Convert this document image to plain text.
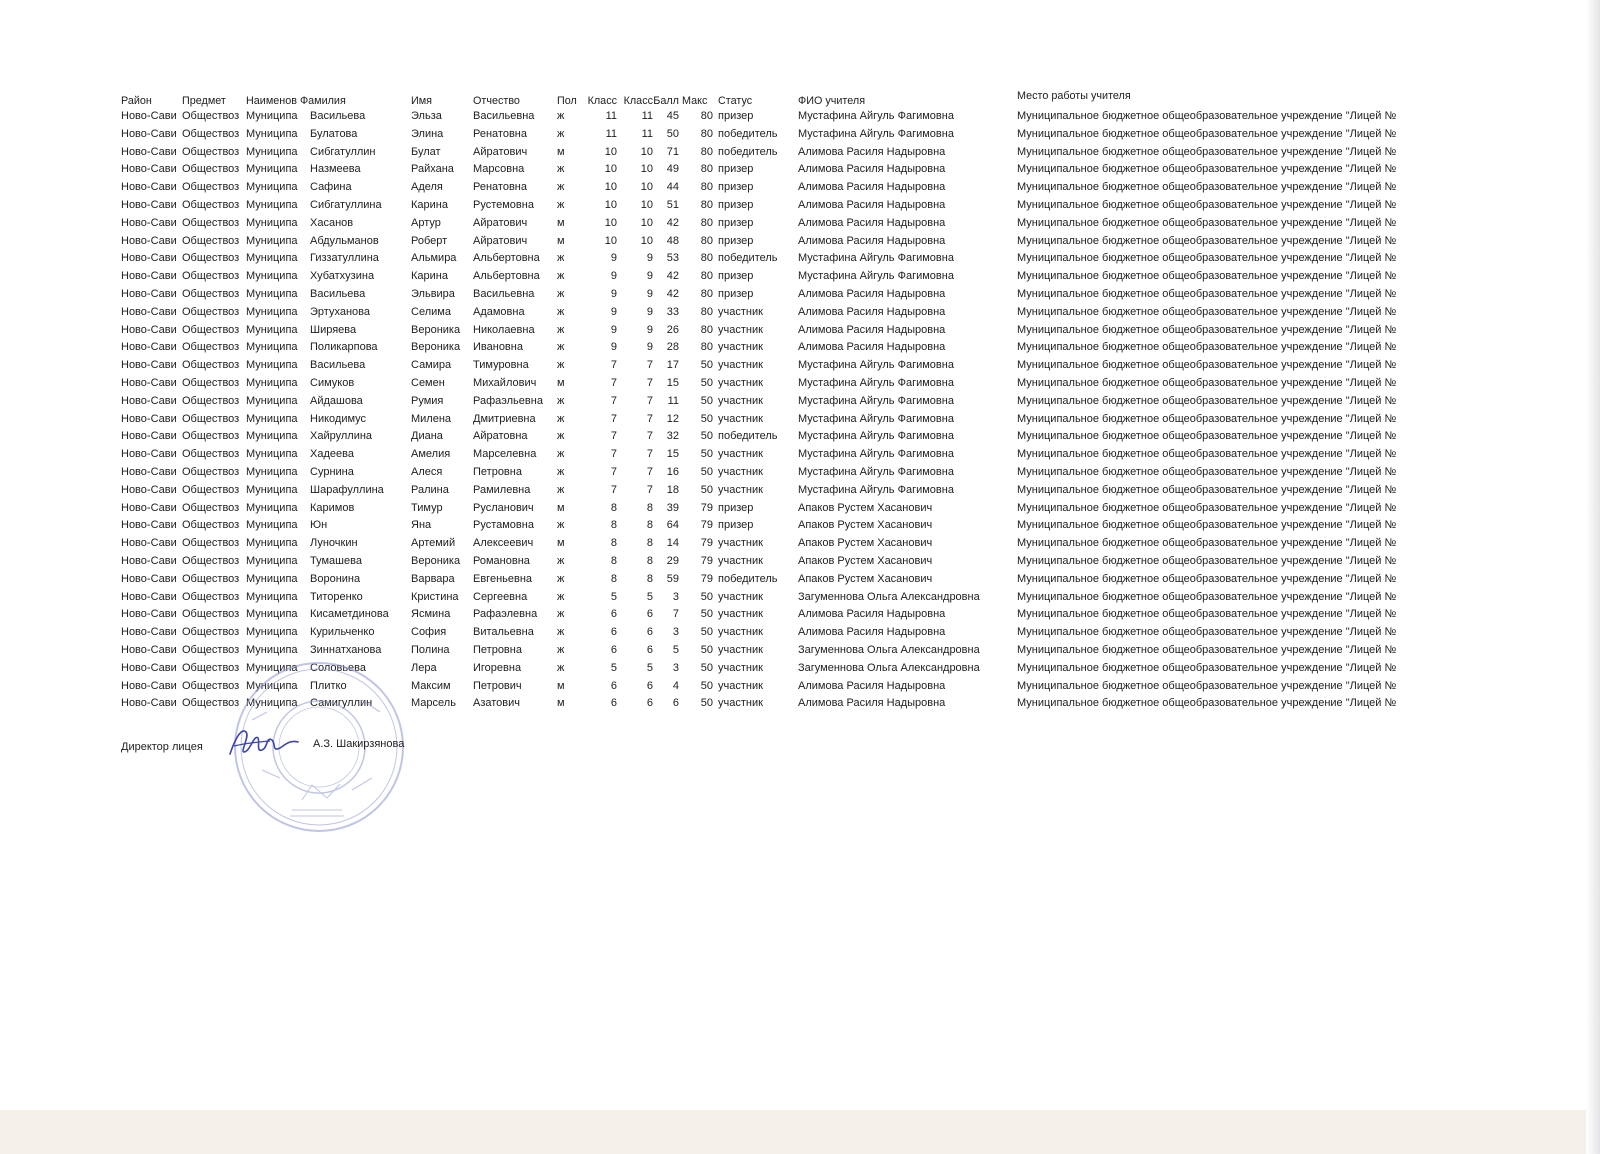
Район	Предмет	Наименов Фамилия	Имя	Отчество	Пол Класс Класс Балл Макс Статус	ФИО учителя	Место работы учителя
Ново-Сави Обществоз Муниципа	Васильева	Эльза	Васильевна	ж	11	11	45	80 призер	Мустафина Айгуль Фагимовна	Муниципальное бюджетное общеобразовательное учреждение "Лицей №
Ново-Сави Обществоз Муниципа	Булатова	Элина	Ренатовна	ж	11	11	50	80 победитель	Мустафина Айгуль Фагимовна	Муниципальное бюджетное общеобразовательное учреждение "Лицей №
Ново-Сави Обществоз Муниципа	Сибгатуллин	Булат	Айратович	м	10	10	71	80 победитель	Алимова Расиля Надыровна	Муниципальное бюджетное общеобразовательное учреждение "Лицей №
Ново-Сави Обществоз Муниципа	Назмеева	Райхана	Марсовна	ж	10	10	49	80 призер	Алимова Расиля Надыровна	Муниципальное бюджетное общеобразовательное учреждение "Лицей №
Ново-Сави Обществоз Муниципа	Сафина	Аделя	Ренатовна	ж	10	10	44	80 призер	Алимова Расиля Надыровна	Муниципальное бюджетное общеобразовательное учреждение "Лицей №
Ново-Сави Обществоз Муниципа	Сибгатуллина	Карина	Рустемовна	ж	10	10	51	80 призер	Алимова Расиля Надыровна	Муниципальное бюджетное общеобразовательное учреждение "Лицей №
Ново-Сави Обществоз Муниципа	Хасанов	Артур	Айратович	м	10	10	42	80 призер	Алимова Расиля Надыровна	Муниципальное бюджетное общеобразовательное учреждение "Лицей №
Ново-Сави Обществоз Муниципа	Абдульманов	Роберт	Айратович	м	10	10	48	80 призер	Алимова Расиля Надыровна	Муниципальное бюджетное общеобразовательное учреждение "Лицей №
Ново-Сави Обществоз Муниципа	Гиззатуллина	Альмира	Альбертовна	ж	9	9	53	80 победитель	Мустафина Айгуль Фагимовна	Муниципальное бюджетное общеобразовательное учреждение "Лицей №
Ново-Сави Обществоз Муниципа	Хубатхузина	Карина	Альбертовна	ж	9	9	42	80 призер	Мустафина Айгуль Фагимовна	Муниципальное бюджетное общеобразовательное учреждение "Лицей №
Ново-Сави Обществоз Муниципа	Васильева	Эльвира	Васильевна	ж	9	9	42	80 призер	Алимова Расиля Надыровна	Муниципальное бюджетное общеобразовательное учреждение "Лицей №
Ново-Сави Обществоз Муниципа	Эртуханова	Селима	Адамовна	ж	9	9	33	80 участник	Алимова Расиля Надыровна	Муниципальное бюджетное общеобразовательное учреждение "Лицей №
Ново-Сави Обществоз Муниципа	Ширяева	Вероника	Николаевна	ж	9	9	26	80 участник	Алимова Расиля Надыровна	Муниципальное бюджетное общеобразовательное учреждение "Лицей №
Ново-Сави Обществоз Муниципа	Поликарпова	Вероника	Ивановна	ж	9	9	28	80 участник	Алимова Расиля Надыровна	Муниципальное бюджетное общеобразовательное учреждение "Лицей №
Ново-Сави Обществоз Муниципа	Васильева	Самира	Тимуровна	ж	7	7	17	50 участник	Мустафина Айгуль Фагимовна	Муниципальное бюджетное общеобразовательное учреждение "Лицей №
Ново-Сави Обществоз Муниципа	Симуков	Семен	Михайлович	м	7	7	15	50 участник	Мустафина Айгуль Фагимовна	Муниципальное бюджетное общеобразовательное учреждение "Лицей №
Ново-Сави Обществоз Муниципа	Айдашова	Румия	Рафаэльевна	ж	7	7	11	50 участник	Мустафина Айгуль Фагимовна	Муниципальное бюджетное общеобразовательное учреждение "Лицей №
Ново-Сави Обществоз Муниципа	Никодимус	Милена	Дмитриевна	ж	7	7	12	50 участник	Мустафина Айгуль Фагимовна	Муниципальное бюджетное общеобразовательное учреждение "Лицей №
Ново-Сави Обществоз Муниципа	Хайруллина	Диана	Айратовна	ж	7	7	32	50 победитель	Мустафина Айгуль Фагимовна	Муниципальное бюджетное общеобразовательное учреждение "Лицей №
Ново-Сави Обществоз Муниципа	Хадеева	Амелия	Марселевна	ж	7	7	15	50 участник	Мустафина Айгуль Фагимовна	Муниципальное бюджетное общеобразовательное учреждение "Лицей №
Ново-Сави Обществоз Муниципа	Сурнина	Алеся	Петровна	ж	7	7	16	50 участник	Мустафина Айгуль Фагимовна	Муниципальное бюджетное общеобразовательное учреждение "Лицей №
Ново-Сави Обществоз Муниципа	Шарафуллина	Ралина	Рамилевна	ж	7	7	18	50 участник	Мустафина Айгуль Фагимовна	Муниципальное бюджетное общеобразовательное учреждение "Лицей №
Ново-Сави Обществоз Муниципа	Каримов	Тимур	Русланович	м	8	8	39	79 призер	Апаков Рустем Хасанович	Муниципальное бюджетное общеобразовательное учреждение "Лицей №
Ново-Сави Обществоз Муниципа	Юн	Яна	Рустамовна	ж	8	8	64	79 призер	Апаков Рустем Хасанович	Муниципальное бюджетное общеобразовательное учреждение "Лицей №
Ново-Сави Обществоз Муниципа	Луночкин	Артемий	Алексеевич	м	8	8	14	79 участник	Апаков Рустем Хасанович	Муниципальное бюджетное общеобразовательное учреждение "Лицей №
Ново-Сави Обществоз Муниципа	Тумашева	Вероника	Романовна	ж	8	8	29	79 участник	Апаков Рустем Хасанович	Муниципальное бюджетное общеобразовательное учреждение "Лицей №
Ново-Сави Обществоз Муниципа	Воронина	Варвара	Евгеньевна	ж	8	8	59	79 победитель	Апаков Рустем Хасанович	Муниципальное бюджетное общеобразовательное учреждение "Лицей №
Ново-Сави Обществоз Муниципа	Титоренко	Кристина	Сергеевна	ж	5	5	3	50 участник	Загуменнова Ольга Александровна	Муниципальное бюджетное общеобразовательное учреждение "Лицей №
Ново-Сави Обществоз Муниципа	Кисаметдинова	Ясмина	Рафаэлевна	ж	6	6	7	50 участник	Алимова Расиля Надыровна	Муниципальное бюджетное общеобразовательное учреждение "Лицей №
Ново-Сави Обществоз Муниципа	Курильченко	София	Витальевна	ж	6	6	3	50 участник	Алимова Расиля Надыровна	Муниципальное бюджетное общеобразовательное учреждение "Лицей №
Ново-Сави Обществоз Муниципа	Зиннатханова	Полина	Петровна	ж	6	6	5	50 участник	Загуменнова Ольга Александровна	Муниципальное бюджетное общеобразовательное учреждение "Лицей №
Ново-Сави Обществоз Муниципа	Соловьева	Лера	Игоревна	ж	5	5	3	50 участник	Загуменнова Ольга Александровна	Муниципальное бюджетное общеобразовательное учреждение "Лицей №
Ново-Сави Обществоз Муниципа	Плитко	Максим	Петрович	м	6	6	4	50 участник	Алимова Расиля Надыровна	Муниципальное бюджетное общеобразовательное учреждение "Лицей №
Ново-Сави Обществоз Муниципа	Самигуллин	Марсель	Азатович	м	6	6	6	50 участник	Алимова Расиля Надыровна	Муниципальное бюджетное общеобразовательное учреждение "Лицей №
Директор лицея	А.З. Шакирзянова
